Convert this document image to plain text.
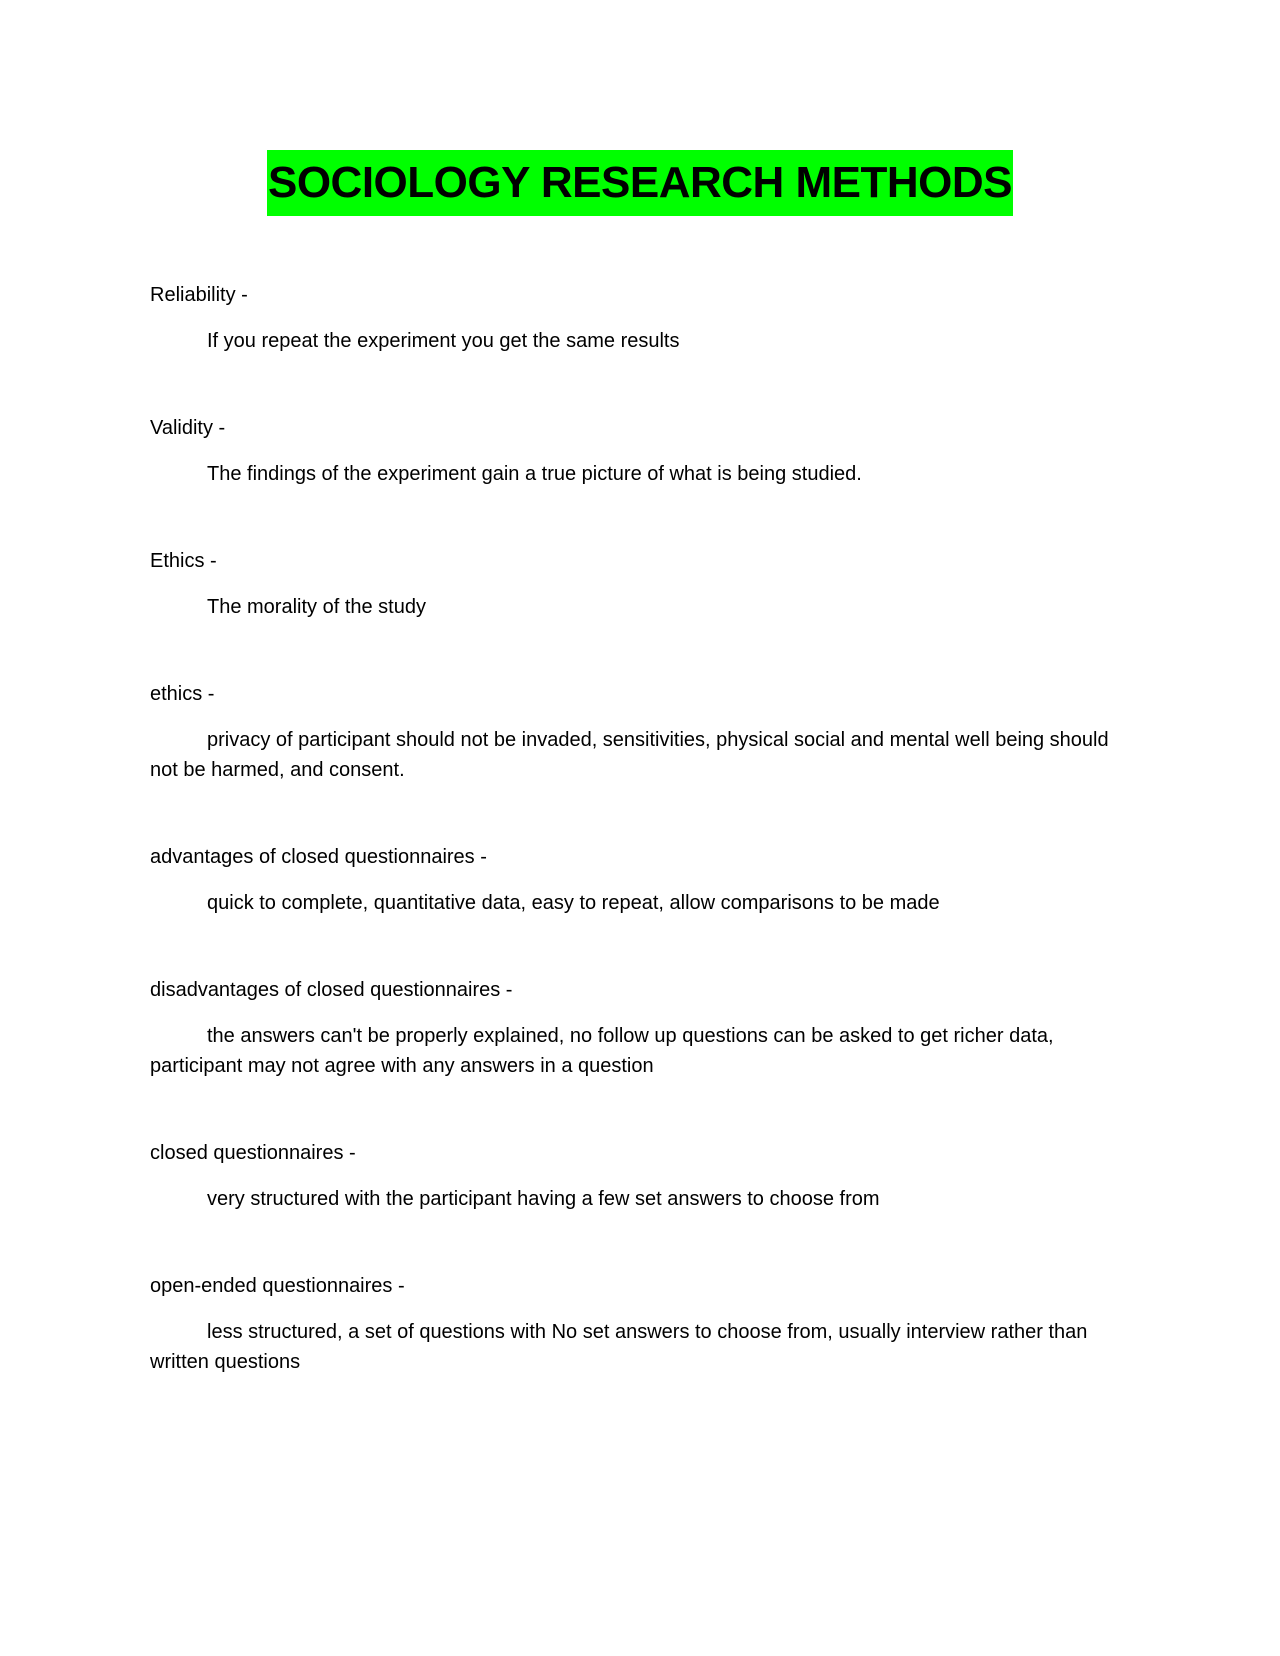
SOCIOLOGY RESEARCH METHODS

Reliability -

If you repeat the experiment you get the same results

Validity -

The findings of the experiment gain a true picture of what is being studied.

Ethics -

The morality of the study

ethics -

privacy of participant should not be invaded, sensitivities, physical social and mental well being should not be harmed, and consent.

advantages of closed questionnaires -

quick to complete, quantitative data, easy to repeat, allow comparisons to be made

disadvantages of closed questionnaires -

the answers can't be properly explained, no follow up questions can be asked to get richer data, participant may not agree with any answers in a question

closed questionnaires -

very structured with the participant having a few set answers to choose from

open-ended questionnaires -

less structured, a set of questions with No set answers to choose from, usually interview rather than written questions
